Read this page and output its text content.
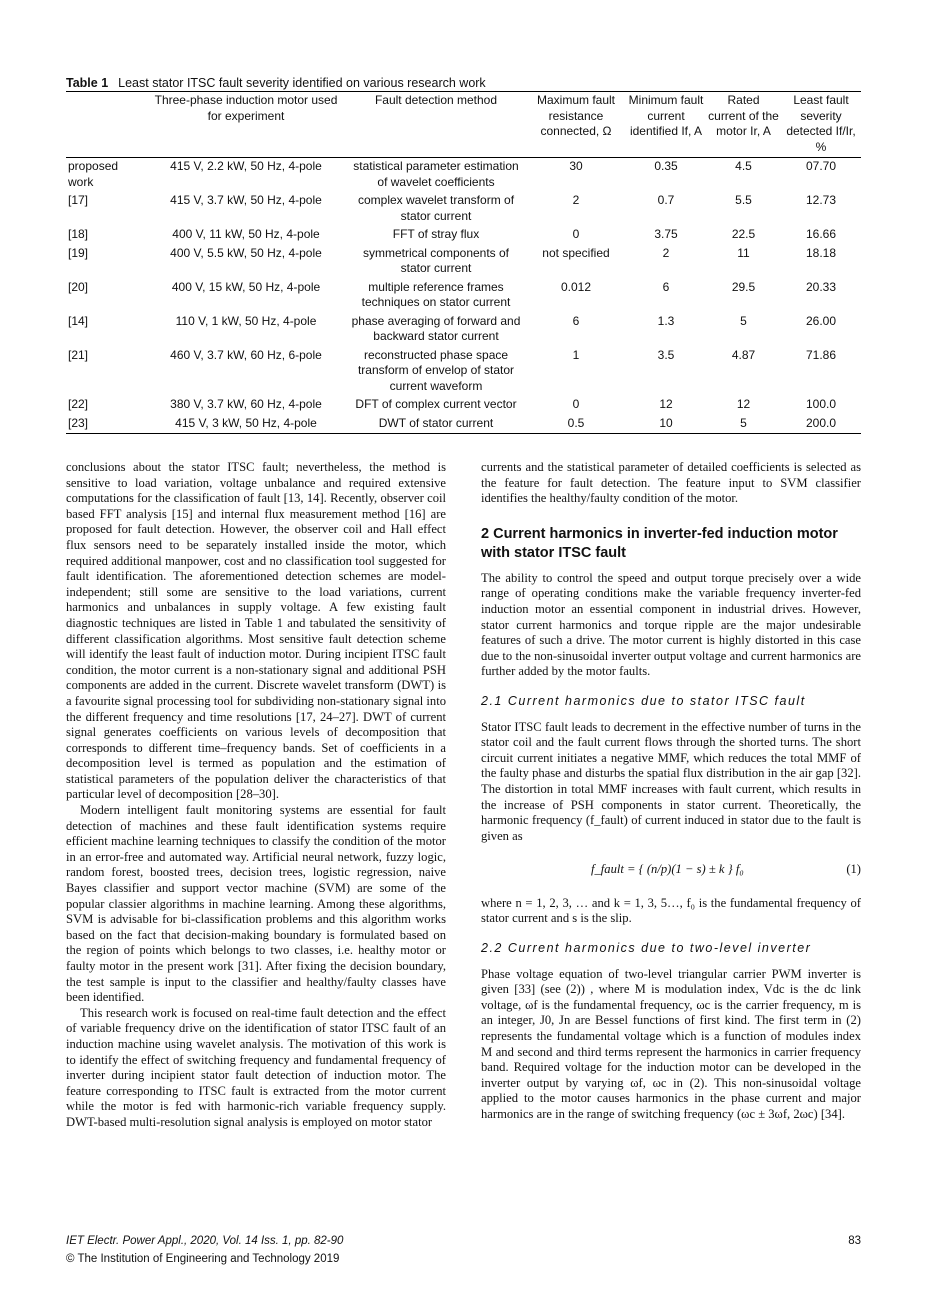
Table 1 Least stator ITSC fault severity identified on various research work
	Three-phase induction motor used for experiment	Fault detection method	Maximum fault resistance connected, Ω	Minimum fault current identified If, A	Rated current of the motor Ir, A	Least fault severity detected If/Ir, %
proposed work	415 V, 2.2 kW, 50 Hz, 4-pole	statistical parameter estimation of wavelet coefficients	30	0.35	4.5	07.70
[17]	415 V, 3.7 kW, 50 Hz, 4-pole	complex wavelet transform of stator current	2	0.7	5.5	12.73
[18]	400 V, 11 kW, 50 Hz, 4-pole	FFT of stray flux	0	3.75	22.5	16.66
[19]	400 V, 5.5 kW, 50 Hz, 4-pole	symmetrical components of stator current	not specified	2	11	18.18
[20]	400 V, 15 kW, 50 Hz, 4-pole	multiple reference frames techniques on stator current	0.012	6	29.5	20.33
[14]	110 V, 1 kW, 50 Hz, 4-pole	phase averaging of forward and backward stator current	6	1.3	5	26.00
[21]	460 V, 3.7 kW, 60 Hz, 6-pole	reconstructed phase space transform of envelop of stator current waveform	1	3.5	4.87	71.86
[22]	380 V, 3.7 kW, 60 Hz, 4-pole	DFT of complex current vector	0	12	12	100.0
[23]	415 V, 3 kW, 50 Hz, 4-pole	DWT of stator current	0.5	10	5	200.0

conclusions about the stator ITSC fault; nevertheless, the method is sensitive to load variation, voltage unbalance and required extensive computations for the classification of fault [13, 14]. Recently, observer coil based FFT analysis [15] and internal flux measurement method [16] are proposed for fault detection. However, the observer coil and Hall effect flux sensors need to be separately installed inside the motor, which required additional manpower, cost and no classification tool suggested for fault identification. The aforementioned detection schemes are model-independent; still some are sensitive to the load variations, current harmonics and unbalances in supply voltage. A few existing fault diagnostic techniques are listed in Table 1 and tabulated the sensitivity of different classification algorithms. Most sensitive fault detection scheme will identify the least fault of induction motor. During incipient ITSC fault condition, the motor current is a non-stationary signal and additional PSH components are added in the current. Discrete wavelet transform (DWT) is a favourite signal processing tool for subdividing non-stationary signal into the different frequency and time resolutions [17, 24–27]. DWT of current signal generates coefficients on various levels of decomposition that corresponds to different time–frequency bands. Set of coefficients in a decomposition level is termed as population and the estimation of statistical parameters of the population deliver the characteristics of that particular level of decomposition [28–30].

Modern intelligent fault monitoring systems are essential for fault detection of machines and these fault identification systems require efficient machine learning techniques to classify the condition of the motor in an error-free and automated way. Artificial neural network, fuzzy logic, random forest, boosted trees, decision trees, logistic regression, naive Bayes classifier and support vector machine (SVM) are some of the popular classier algorithms in machine learning. Among these algorithms, SVM is advisable for bi-classification problems and this algorithm works based on the fact that decision-making boundary is formulated based on the region of points which belongs to two classes, i.e. healthy motor or faulty motor in the present work [31]. After fixing the decision boundary, the test sample is input to the classifier and healthy/faulty classes have been identified.

This research work is focused on real-time fault detection and the effect of variable frequency drive on the identification of stator ITSC fault of an induction machine using wavelet analysis. The motivation of this work is to identify the effect of switching frequency and fundamental frequency of inverter during incipient stator fault detection of induction motor. The feature corresponding to ITSC fault is extracted from the motor current while the motor is fed with harmonic-rich variable frequency supply. DWT-based multi-resolution signal analysis is employed on motor stator

currents and the statistical parameter of detailed coefficients is selected as the feature for fault detection. The feature input to SVM classifier identifies the healthy/faulty condition of the motor.

2 Current harmonics in inverter-fed induction motor with stator ITSC fault

The ability to control the speed and output torque precisely over a wide range of operating conditions make the variable frequency inverter-fed induction motor an essential component in industrial drives. However, stator current harmonics and torque ripple are the major undesirable features of such a drive. The motor current is highly distorted in this case due to the non-sinusoidal inverter output voltage and current harmonics are further added by the motor faults.

2.1 Current harmonics due to stator ITSC fault

Stator ITSC fault leads to decrement in the effective number of turns in the stator coil and the fault current flows through the shorted turns. The short circuit current initiates a negative MMF, which reduces the total MMF of the faulty phase and disturbs the spatial flux distribution in the air gap [32]. The distortion in total MMF increases with fault current, which results in the increase of PSH components in stator current. Theoretically, the harmonic frequency (f_fault) of current induced in stator due to the fault is given as

f_fault = { (n/p)(1 − s) ± k } f₀	(1)

where n = 1, 2, 3, … and k = 1, 3, 5…, f₀ is the fundamental frequency of stator current and s is the slip.

2.2 Current harmonics due to two-level inverter

Phase voltage equation of two-level triangular carrier PWM inverter is given [33] (see (2)) , where M is modulation index, Vdc is the dc link voltage, ωf is the fundamental frequency, ωc is the carrier frequency, m is an integer, J0, Jn are Bessel functions of first kind. The first term in (2) represents the fundamental voltage which is a function of modules index M and second and third terms represent the harmonics in carrier frequency band. Required voltage for the induction motor can be developed in the inverter output by varying ωf, ωc in (2). This non-sinusoidal voltage applied to the motor causes harmonics in the phase current and major harmonics are in the range of switching frequency (ωc ± 3ωf, 2ωc) [34].

IET Electr. Power Appl., 2020, Vol. 14 Iss. 1, pp. 82-90
© The Institution of Engineering and Technology 2019
83
